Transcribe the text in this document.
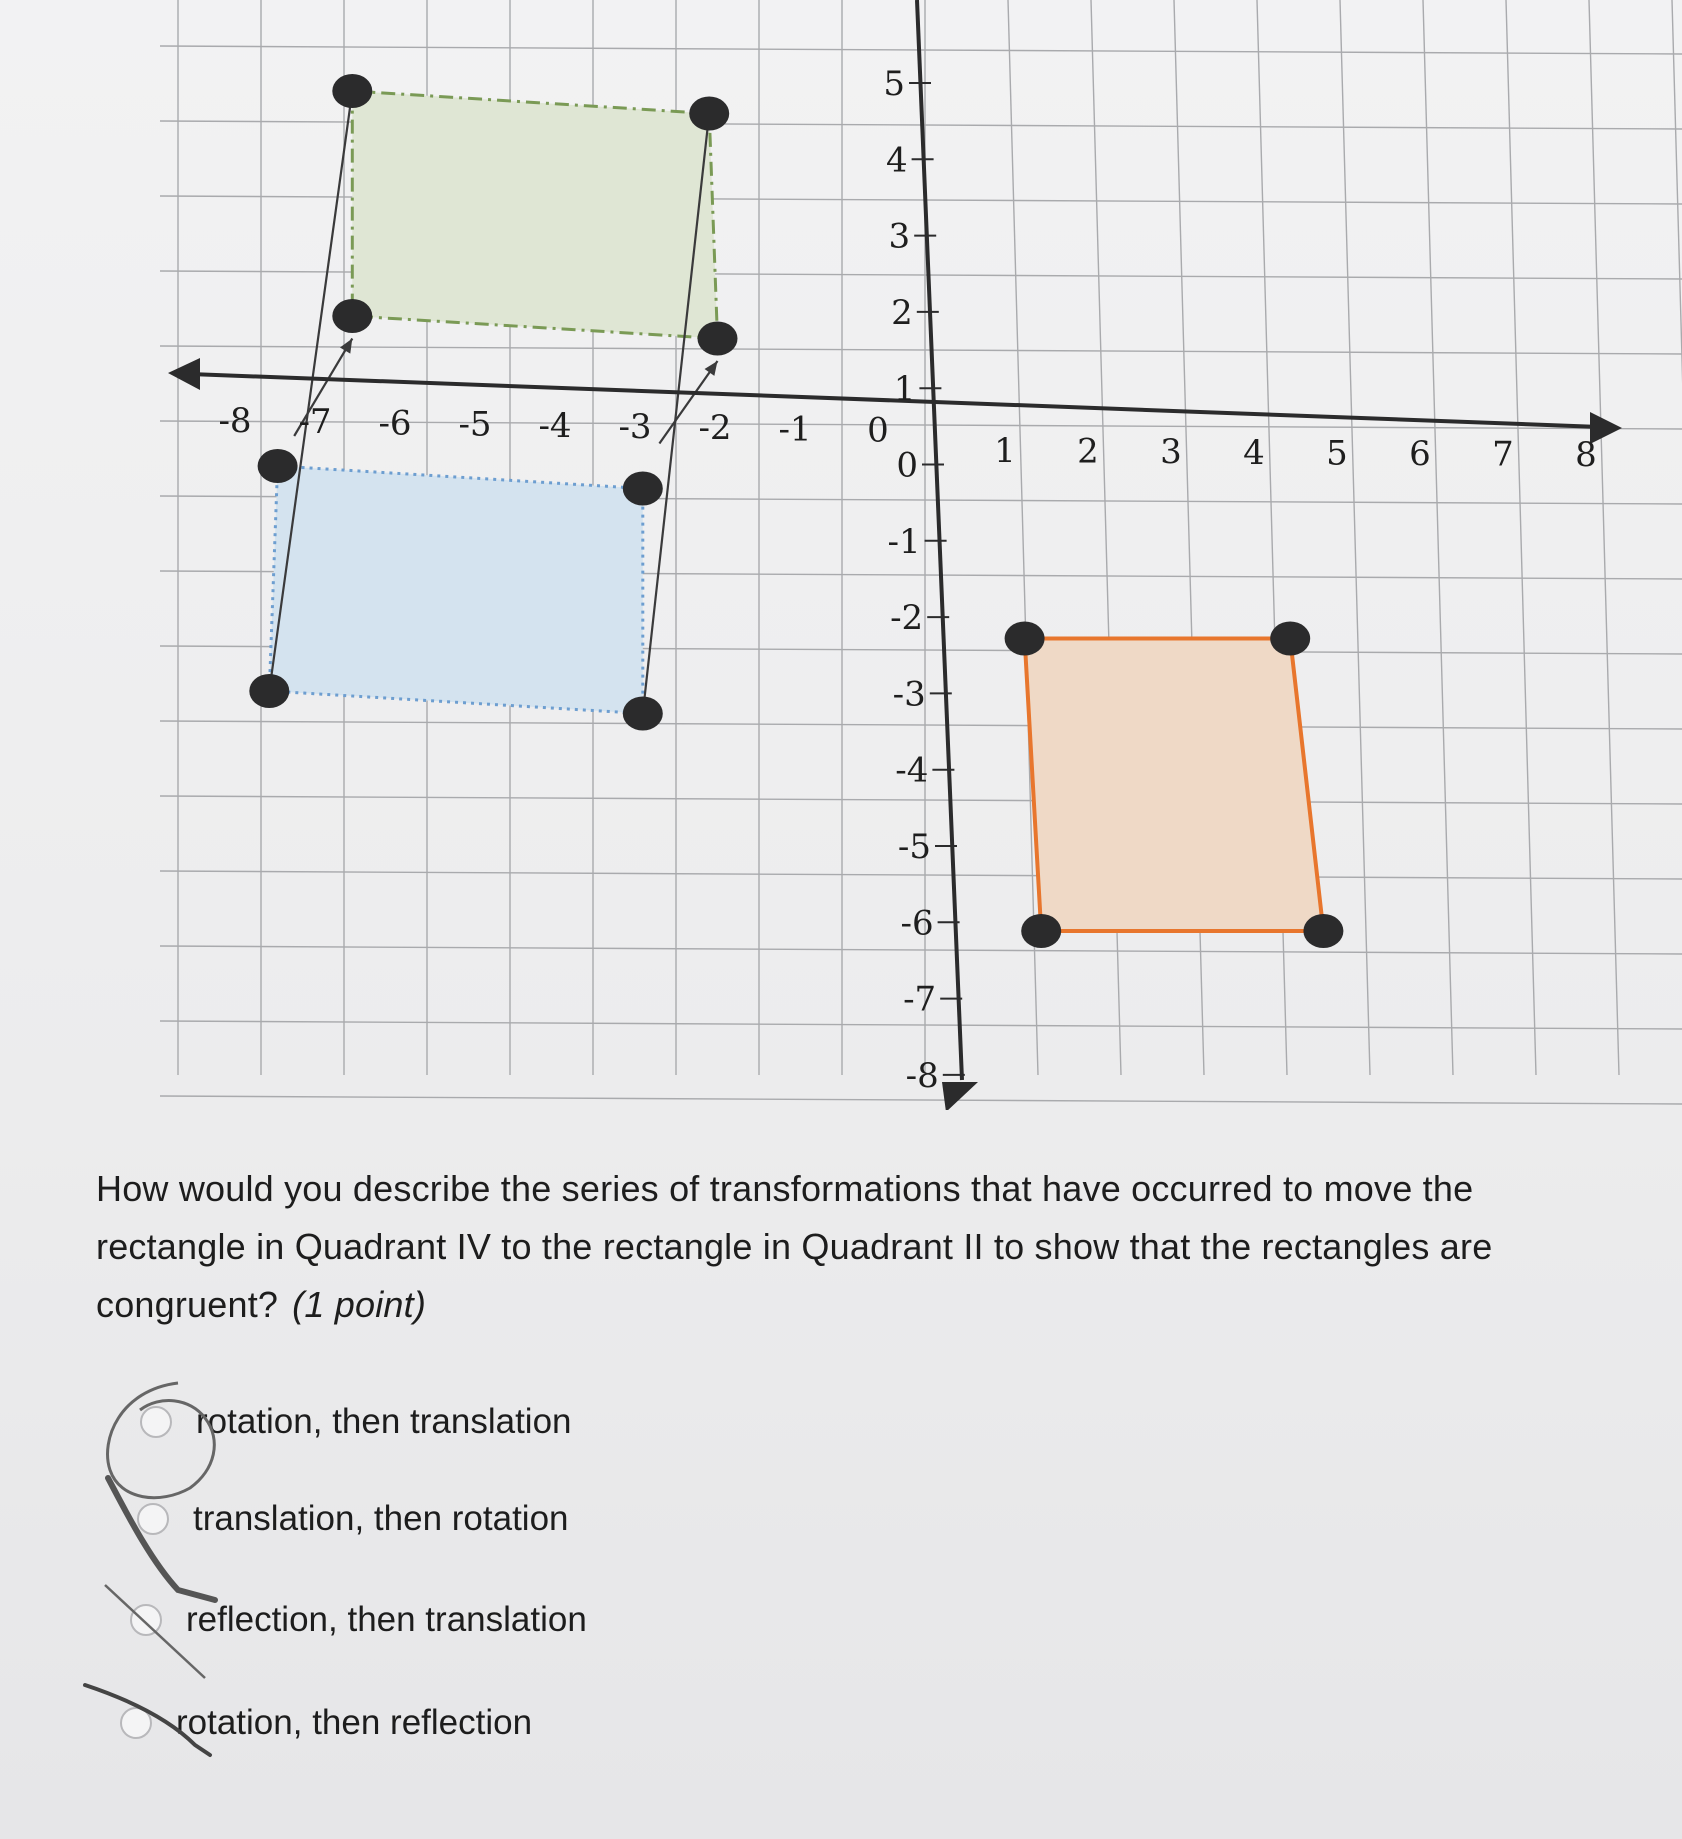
-8 -7 -6 -5 -4 -3 -2 -1 0
1 2 3 4 5 6 7 8
5
4
3
2
1
0
-1
-2
-3
-4
-5
-6
-7
-8
How would you describe the series of transformations that have occurred to move the
rectangle in Quadrant IV to the rectangle in Quadrant II to show that the rectangles are
congruent? (1 point)
rotation, then translation
translation, then rotation
reflection, then translation
rotation, then reflection
